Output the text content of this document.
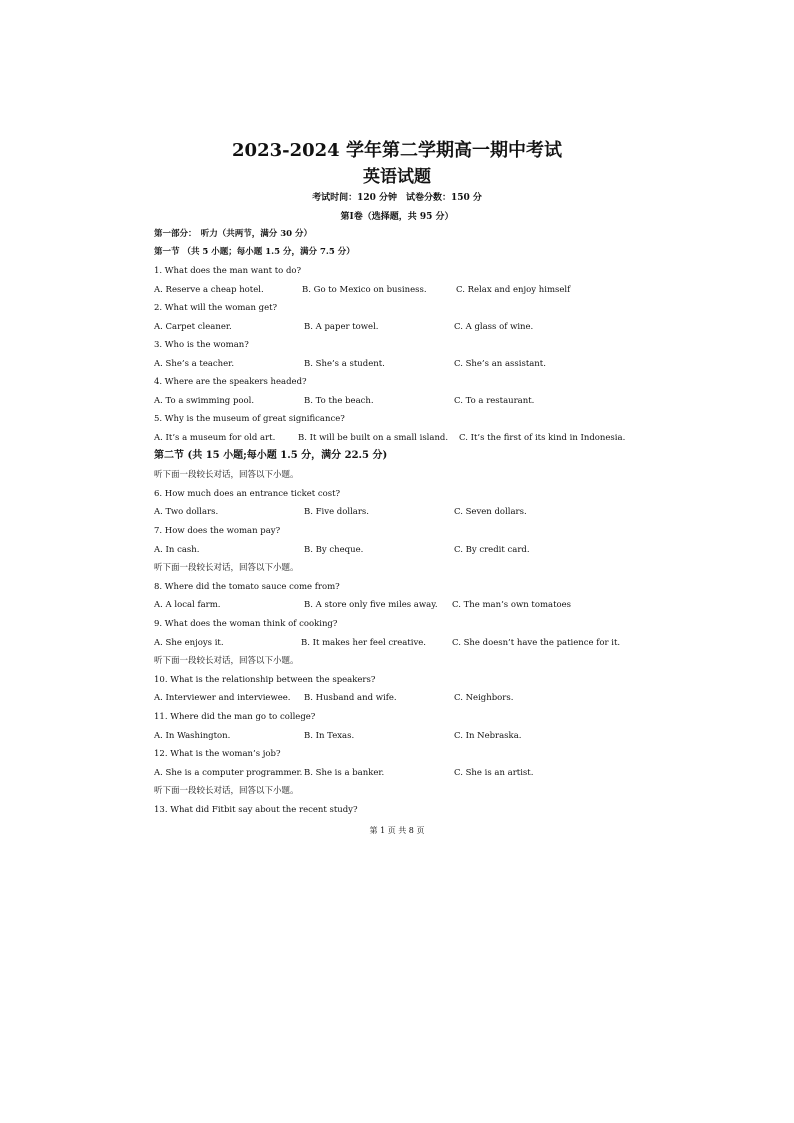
2023-2024 学年第二学期高一期中考试
英语试题
考试时间：120 分钟　试卷分数：150 分
第Ⅰ卷（选择题，共 95 分）
第一部分：　听力（共两节，满分 30 分）
第一节 （共 5 小题；每小题 1.5 分，满分 7.5 分）
1. What does the man want to do?
A. Reserve a cheap hotel.	B. Go to Mexico on business.	C. Relax and enjoy himself
2. What will the woman get?
A. Carpet cleaner.	B. A paper towel.	C. A glass of wine.
3. Who is the woman?
A. She’s a teacher.	B. She’s a student.	C. She’s an assistant.
4. Where are the speakers headed?
A. To a swimming pool.	B. To the beach.	C. To a restaurant.
5. Why is the museum of great significance?
A. It’s a museum for old art.	B. It will be built on a small island. C. It’s the first of its kind in Indonesia.
第二节 (共 15 小题;每小题 1.5 分，满分 22.5 分)
听下面一段较长对话，回答以下小题。
6. How much does an entrance ticket cost?
A. Two dollars.	B. Five dollars.	C. Seven dollars.
7. How does the woman pay?
A. In cash.	B. By cheque.	C. By credit card.
听下面一段较长对话，回答以下小题。
8. Where did the tomato sauce come from?
A. A local farm.	B. A store only five miles away. C. The man’s own tomatoes
9. What does the woman think of cooking?
A. She enjoys it.	B. It makes her feel creative.	C. She doesn’t have the patience for it.
听下面一段较长对话，回答以下小题。
10. What is the relationship between the speakers?
A. Interviewer and interviewee. B. Husband and wife.	C. Neighbors.
11. Where did the man go to college?
A. In Washington.	B. In Texas.	C. In Nebraska.
12. What is the woman’s job?
A. She is a computer programmer. B. She is a banker.	C. She is an artist.
听下面一段较长对话，回答以下小题。
13. What did Fitbit say about the recent study?
第 1 页 共 8 页
